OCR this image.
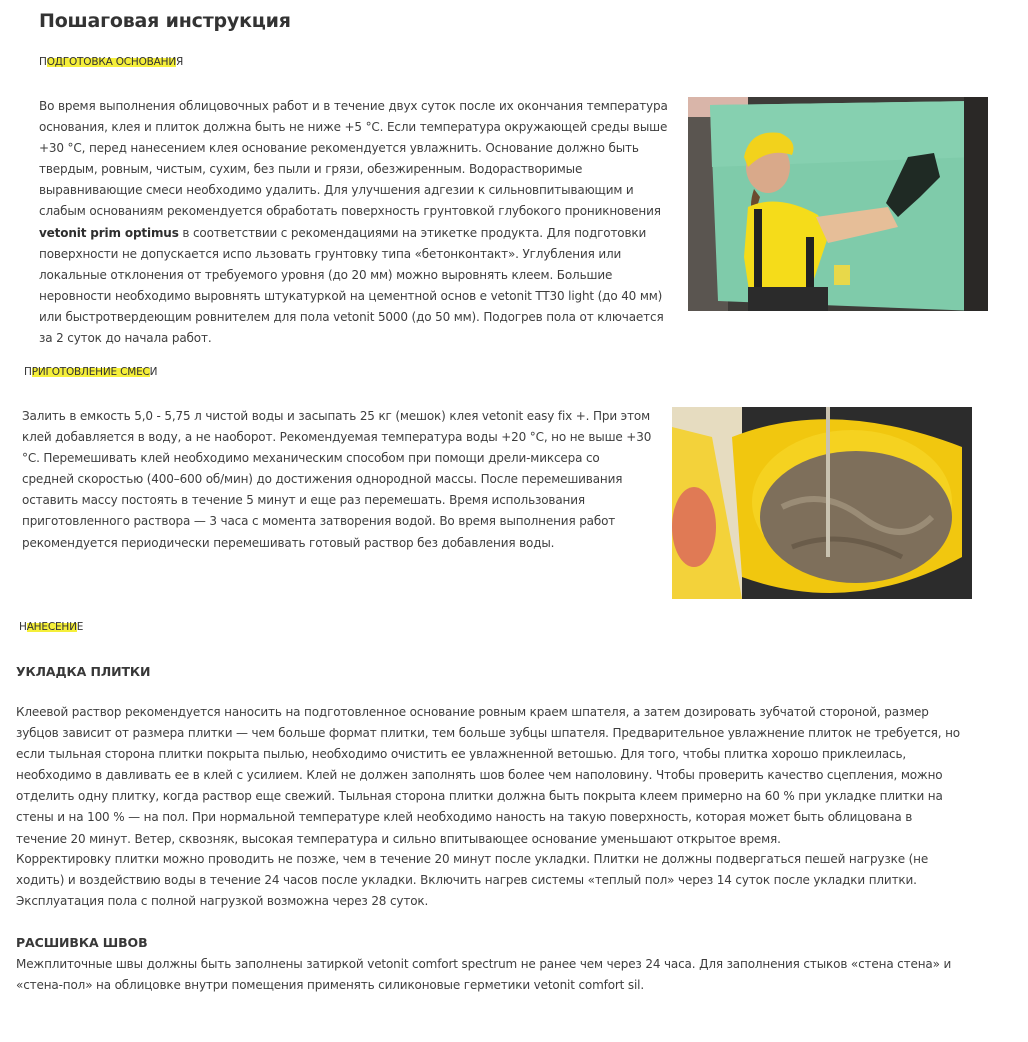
Пошаговая инструкция
ПОДГОТОВКА ОСНОВАНИЯ
Во время выполнения облицовочных работ и в течение двух суток после их окончания температура основания, клея и плиток должна быть не ниже +5 °C. Если температура окружающей среды выше +30 °C, перед нанесением клея основание рекомендуется увлажнить. Основание должно быть твердым, ровным, чистым, сухим, без пыли и грязи, обезжиренным. Водорастворимые выравнивающие смеси необходимо удалить. Для улучшения адгезии к сильновпитывающим и слабым основаниям рекомендуется обработать поверхность грунтовкой глубокого проникновения vetonit prim optimus в соответствии с рекомендациями на этикетке продукта. Для подготовки поверхности не допускается испо льзовать грунтовку типа «бетонконтакт». Углубления или локальные отклонения от требуемого уровня (до 20 мм) можно выровнять клеем. Большие неровности необходимо выровнять штукатуркой на цементной основ е vetonit TT30 light (до 40 мм) или быстротвердеющим ровнителем для пола vetonit 5000 (до 50 мм). Подогрев пола от ключается за 2 суток до начала работ.
ПРИГОТОВЛЕНИЕ СМЕСИ
Залить в емкость 5,0 - 5,75 л чистой воды и засыпать 25 кг (мешок) клея vetonit easy fix +. При этом клей добавляется в воду, а не наоборот. Рекомендуемая температура воды +20 °C, но не выше +30 °C. Перемешивать клей необходимо механическим способом при помощи дрели-миксера со средней скоростью (400–600 об/мин) до достижения однородной массы. После перемешивания оставить массу постоять в течение 5 минут и еще раз перемешать. Время использования приготовленного раствора — 3 часа с момента затворения водой. Во время выполнения работ рекомендуется периодически перемешивать готовый раствор без добавления воды.
НАНЕСЕНИЕ
УКЛАДКА ПЛИТКИ
Клеевой раствор рекомендуется наносить на подготовленное основание ровным краем шпателя, а затем дозировать зубчатой стороной, размер зубцов зависит от размера плитки — чем больше формат плитки, тем больше зубцы шпателя. Предварительное увлажнение плиток не требуется, но если тыльная сторона плитки покрыта пылью, необходимо очистить ее увлажненной ветошью. Для того, чтобы плитка хорошо приклеилась, необходимо в давливать ее в клей с усилием. Клей не должен заполнять шов более чем наполовину. Чтобы проверить качество сцепления, можно отделить одну плитку, когда раствор еще свежий. Тыльная сторона плитки должна быть покрыта клеем примерно на 60 % при укладке плитки на стены и на 100 % — на пол. При нормальной температуре клей необходимо наность на такую поверхность, которая может быть облицована в течение 20 минут. Ветер, сквозняк, высокая температура и сильно впитывающее основание уменьшают открытое время.
Корректировку плитки можно проводить не позже, чем в течение 20 минут после укладки. Плитки не должны подвергаться пешей нагрузке (не ходить) и воздействию воды в течение 24 часов после укладки. Включить нагрев системы «теплый пол» через 14 суток после укладки плитки. Эксплуатация пола с полной нагрузкой возможна через 28 суток.
РАСШИВКА ШВОВ
Межплиточные швы должны быть заполнены затиркой vetonit comfort spectrum не ранее чем через 24 часа. Для заполнения стыков «стена стена» и «стена-пол» на облицовке внутри помещения применять силиконовые герметики vetonit comfort sil.
